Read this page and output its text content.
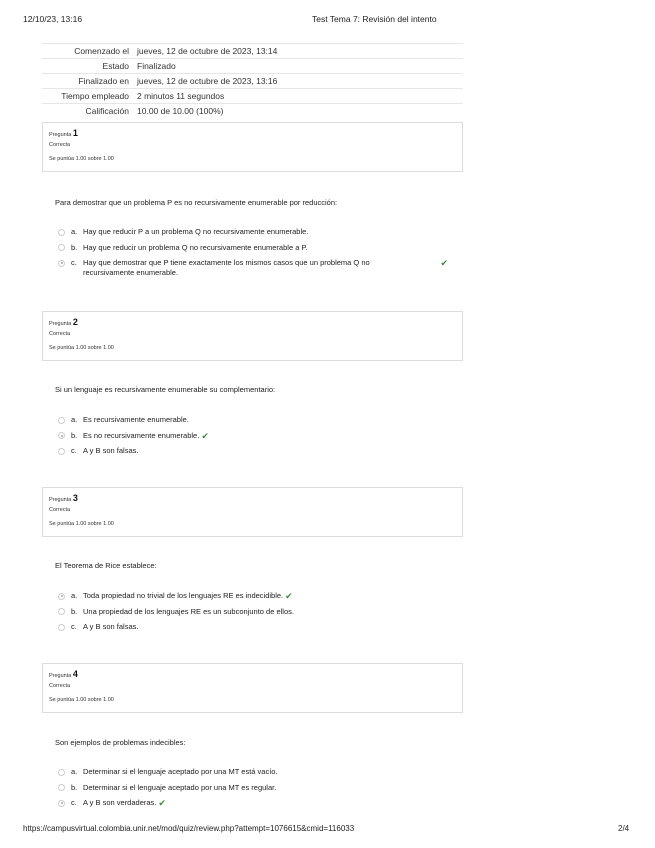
12/10/23, 13:16	Test Tema 7: Revisión del intento
Comenzado el	jueves, 12 de octubre de 2023, 13:14
Estado	Finalizado
Finalizado en	jueves, 12 de octubre de 2023, 13:16
Tiempo empleado	2 minutos 11 segundos
Calificación	10.00 de 10.00 (100%)
Pregunta 1
Correcta
Se puntúa 1.00 sobre 1.00
Para demostrar que un problema P es no recursivamente enumerable por reducción:
a. Hay que reducir P a un problema Q no recursivamente enumerable.
b. Hay que reducir un problema Q no recursivamente enumerable a P.
c. Hay que demostrar que P tiene exactamente los mismos casos que un problema Q no recursivamente enumerable.
✔
Pregunta 2
Correcta
Se puntúa 1.00 sobre 1.00
Si un lenguaje es recursivamente enumerable su complementario:
a. Es recursivamente enumerable.
b. Es no recursivamente enumerable. ✔
c. A y B son falsas.
Pregunta 3
Correcta
Se puntúa 1.00 sobre 1.00
El Teorema de Rice establece:
a. Toda propiedad no trivial de los lenguajes RE es indecidible. ✔
b. Una propiedad de los lenguajes RE es un subconjunto de ellos.
c. A y B son falsas.
Pregunta 4
Correcta
Se puntúa 1.00 sobre 1.00
Son ejemplos de problemas indecibles:
a. Determinar si el lenguaje aceptado por una MT está vacío.
b. Determinar si el lenguaje aceptado por una MT es regular.
c. A y B son verdaderas. ✔
https://campusvirtual.colombia.unir.net/mod/quiz/review.php?attempt=1076615&cmid=116033	2/4
